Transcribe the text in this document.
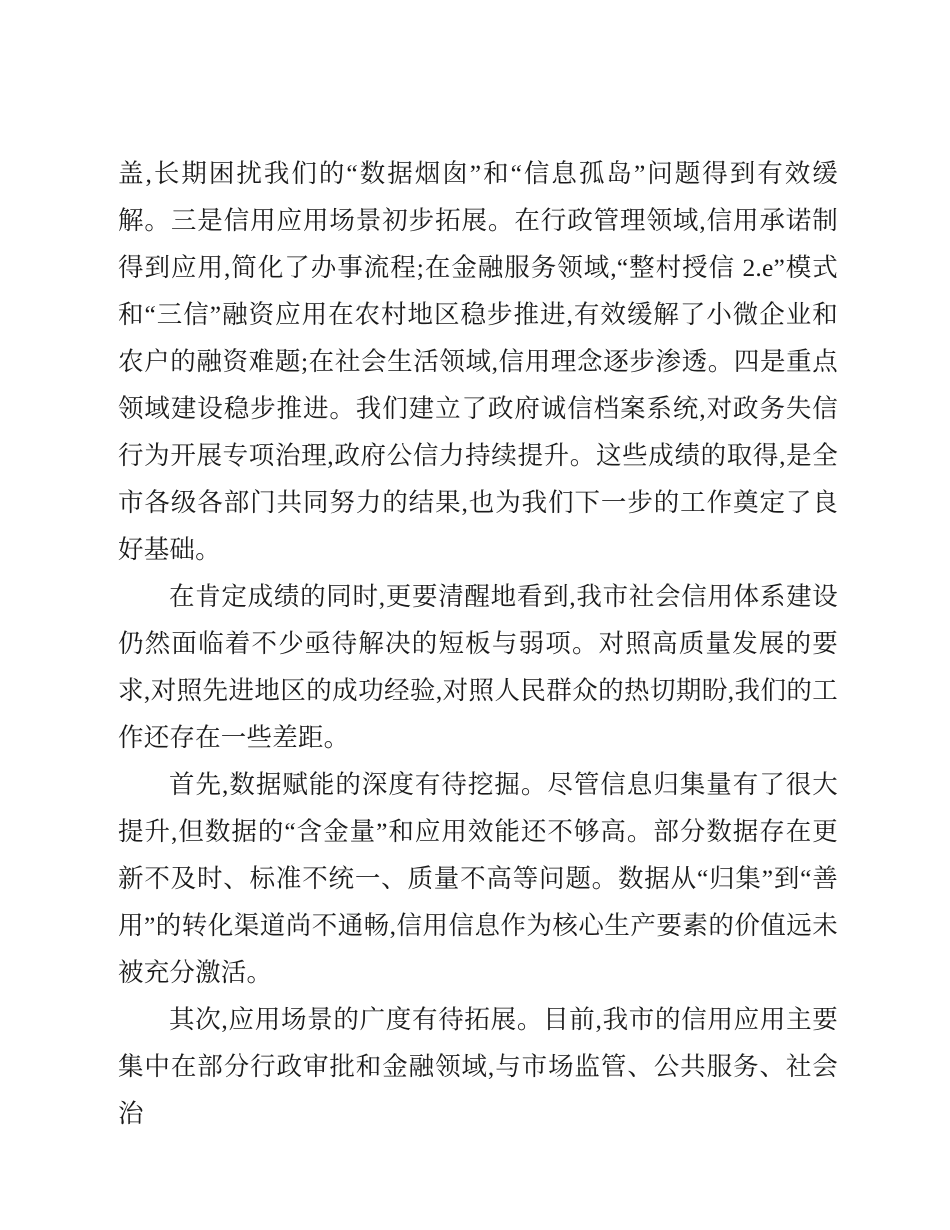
盖,长期困扰我们的“数据烟囱”和“信息孤岛”问题得到有效缓解。三是信用应用场景初步拓展。在行政管理领域,信用承诺制得到应用,简化了办事流程;在金融服务领域,“整村授信 2.e”模式和“三信”融资应用在农村地区稳步推进,有效缓解了小微企业和农户的融资难题;在社会生活领域,信用理念逐步渗透。四是重点领域建设稳步推进。我们建立了政府诚信档案系统,对政务失信行为开展专项治理,政府公信力持续提升。这些成绩的取得,是全市各级各部门共同努力的结果,也为我们下一步的工作奠定了良好基础。

在肯定成绩的同时,更要清醒地看到,我市社会信用体系建设仍然面临着不少亟待解决的短板与弱项。对照高质量发展的要求,对照先进地区的成功经验,对照人民群众的热切期盼,我们的工作还存在一些差距。

首先,数据赋能的深度有待挖掘。尽管信息归集量有了很大提升,但数据的“含金量”和应用效能还不够高。部分数据存在更新不及时、标准不统一、质量不高等问题。数据从“归集”到“善用”的转化渠道尚不通畅,信用信息作为核心生产要素的价值远未被充分激活。

其次,应用场景的广度有待拓展。目前,我市的信用应用主要集中在部分行政审批和金融领域,与市场监管、公共服务、社会治
